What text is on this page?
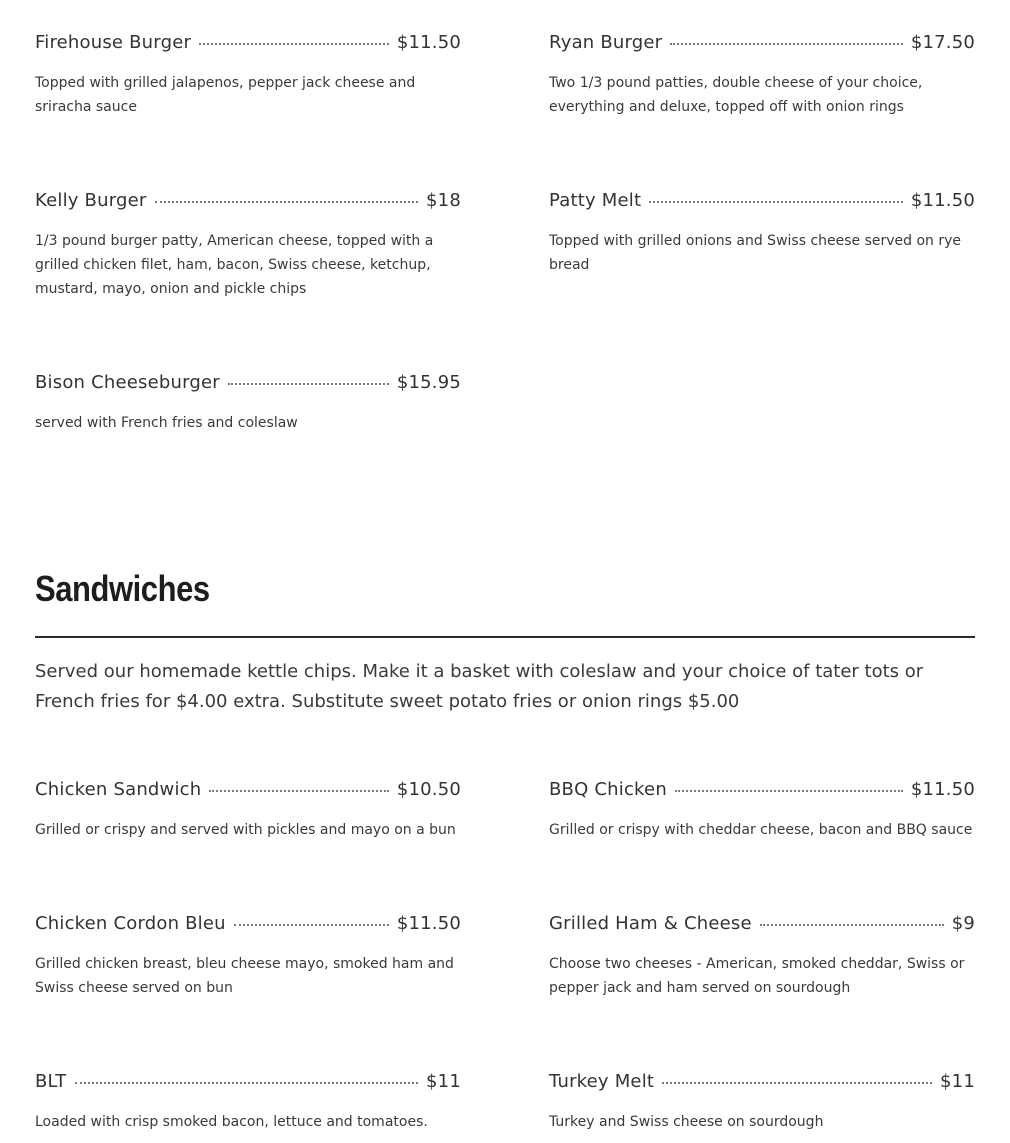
Firehouse Burger	$11.50
Topped with grilled jalapenos, pepper jack cheese and sriracha sauce
Ryan Burger	$17.50
Two 1/3 pound patties, double cheese of your choice, everything and deluxe, topped off with onion rings
Kelly Burger	$18
1/3 pound burger patty, American cheese, topped with a grilled chicken filet, ham, bacon, Swiss cheese, ketchup, mustard, mayo, onion and pickle chips
Patty Melt	$11.50
Topped with grilled onions and Swiss cheese served on rye bread
Bison Cheeseburger	$15.95
served with French fries and coleslaw
Sandwiches
Served our homemade kettle chips. Make it a basket with coleslaw and your choice of tater tots or French fries for $4.00 extra. Substitute sweet potato fries or onion rings $5.00
Chicken Sandwich	$10.50
Grilled or crispy and served with pickles and mayo on a bun
BBQ Chicken	$11.50
Grilled or crispy with cheddar cheese, bacon and BBQ sauce
Chicken Cordon Bleu	$11.50
Grilled chicken breast, bleu cheese mayo, smoked ham and Swiss cheese served on bun
Grilled Ham & Cheese	$9
Choose two cheeses - American, smoked cheddar, Swiss or pepper jack and ham served on sourdough
BLT	$11
Loaded with crisp smoked bacon, lettuce and tomatoes.
Turkey Melt	$11
Turkey and Swiss cheese on sourdough
